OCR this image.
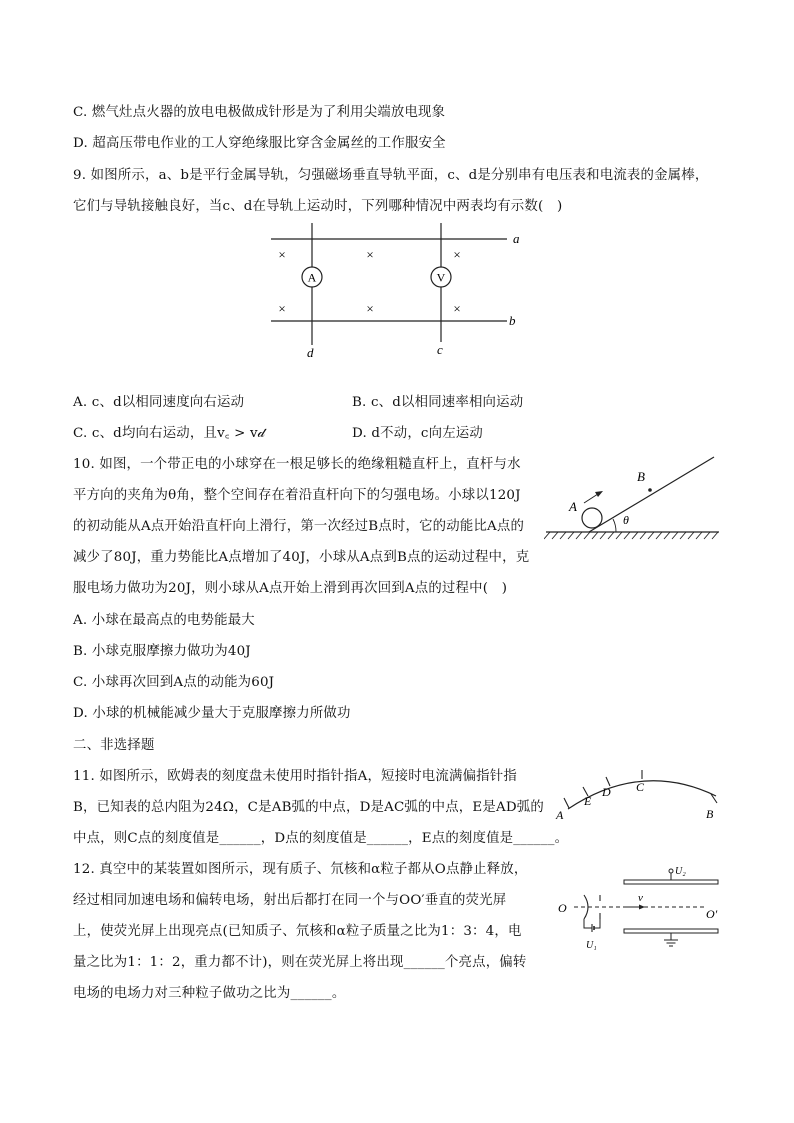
C. 燃气灶点火器的放电电极做成针形是为了利用尖端放电现象
D. 超高压带电作业的工人穿绝缘服比穿含金属丝的工作服安全
9. 如图所示，a、b是平行金属导轨，匀强磁场垂直导轨平面，c、d是分别串有电压表和电流表的金属棒，
它们与导轨接触良好，当c、d在导轨上运动时，下列哪种情况中两表均有示数(　)
A	V
×	×	×
×	×	×
a
b
d	c
A. c、d以相同速度向右运动	B. c、d以相同速率相向运动
C. c、d均向右运动，且v꜀ > v𝒹	D. d不动，c向左运动
10. 如图，一个带正电的小球穿在一根足够长的绝缘粗糙直杆上，直杆与水
平方向的夹角为θ角，整个空间存在着沿直杆向下的匀强电场。小球以120J
的初动能从A点开始沿直杆向上滑行，第一次经过B点时，它的动能比A点的
减少了80J，重力势能比A点增加了40J，小球从A点到B点的运动过程中，克
服电场力做功为20J，则小球从A点开始上滑到再次回到A点的过程中(　)
A
B
θ
A. 小球在最高点的电势能最大
B. 小球克服摩擦力做功为40J
C. 小球再次回到A点的动能为60J
D. 小球的机械能减少量大于克服摩擦力所做功
二、非选择题
11. 如图所示，欧姆表的刻度盘未使用时指针指A，短接时电流满偏指针指
B，已知表的总内阻为24Ω，C是AB弧的中点，D是AC弧的中点，E是AD弧的
中点，则C点的刻度值是______，D点的刻度值是______，E点的刻度值是______。
A
E
D C
B
12. 真空中的某装置如图所示，现有质子、氘核和α粒子都从O点静止释放，
经过相同加速电场和偏转电场，射出后都打在同一个与OO′垂直的荧光屏
上，使荧光屏上出现亮点(已知质子、氘核和α粒子质量之比为1：3：4，电
量之比为1：1：2，重力都不计)，则在荧光屏上将出现______个亮点，偏转
电场的电场力对三种粒子做功之比为______。
U₂
O	O′
U₁
v
